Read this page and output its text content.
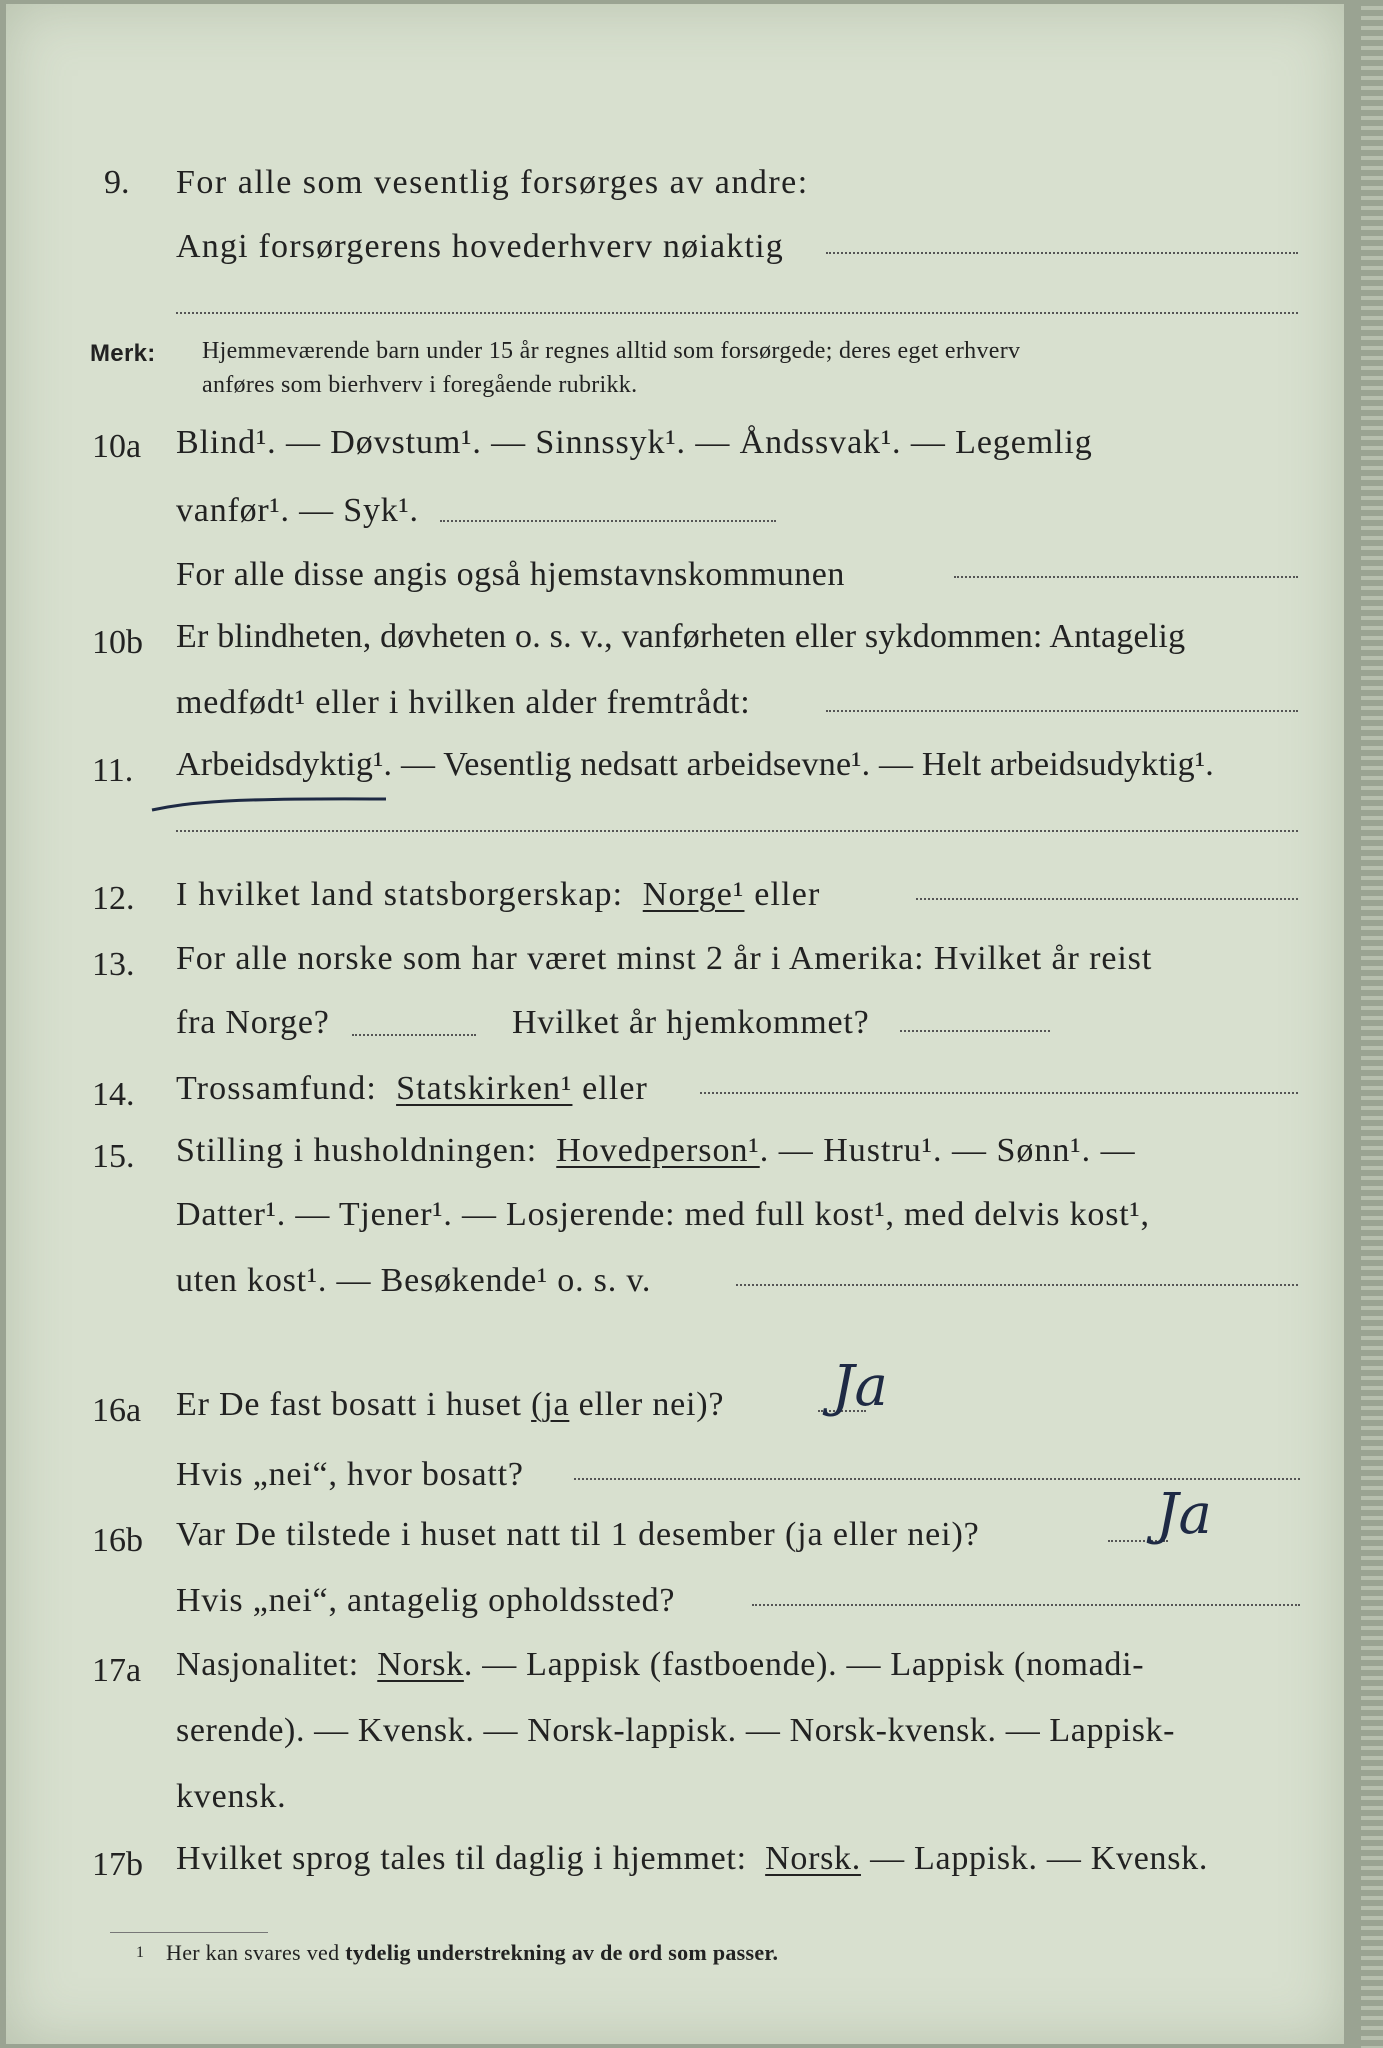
9. For alle som vesentlig forsørges av andre:
Angi forsørgerens hovederhverv nøiaktig
Merk: Hjemmeværende barn under 15 år regnes alltid som forsørgede; deres eget erhverv
anføres som bierhverv i foregående rubrikk.
10a Blind¹. — Døvstum¹. — Sinnssyk¹. — Åndssvak¹. — Legemlig
vanfør¹. — Syk¹.
For alle disse angis også hjemstavnskommunen
10b Er blindheten, døvheten o. s. v., vanførheten eller sykdommen: Antagelig
medfødt¹ eller i hvilken alder fremtrådt:
11. Arbeidsdyktig¹. — Vesentlig nedsatt arbeidsevne¹. — Helt arbeidsudyktig¹.
12. I hvilket land statsborgerskap: Norge¹ eller
13. For alle norske som har været minst 2 år i Amerika: Hvilket år reist
fra Norge?	Hvilket år hjemkommet?
14. Trossamfund: Statskirken¹ eller
15. Stilling i husholdningen: Hovedperson¹. — Hustru¹. — Sønn¹. —
Datter¹. — Tjener¹. — Losjerende: med full kost¹, med delvis kost¹,
uten kost¹. — Besøkende¹ o. s. v.
16a Er De fast bosatt i huset (ja eller nei)? Ja
Hvis „nei“, hvor bosatt?
16b Var De tilstede i huset natt til 1 desember (ja eller nei)?	Ja
Hvis „nei“, antagelig opholdssted?
17a Nasjonalitet: Norsk. — Lappisk (fastboende). — Lappisk (nomadi-
serende). — Kvensk. — Norsk-lappisk. — Norsk-kvensk. — Lappisk-
kvensk.
17b Hvilket sprog tales til daglig i hjemmet: Norsk. — Lappisk. — Kvensk.
1 Her kan svares ved tydelig understrekning av de ord som passer.
